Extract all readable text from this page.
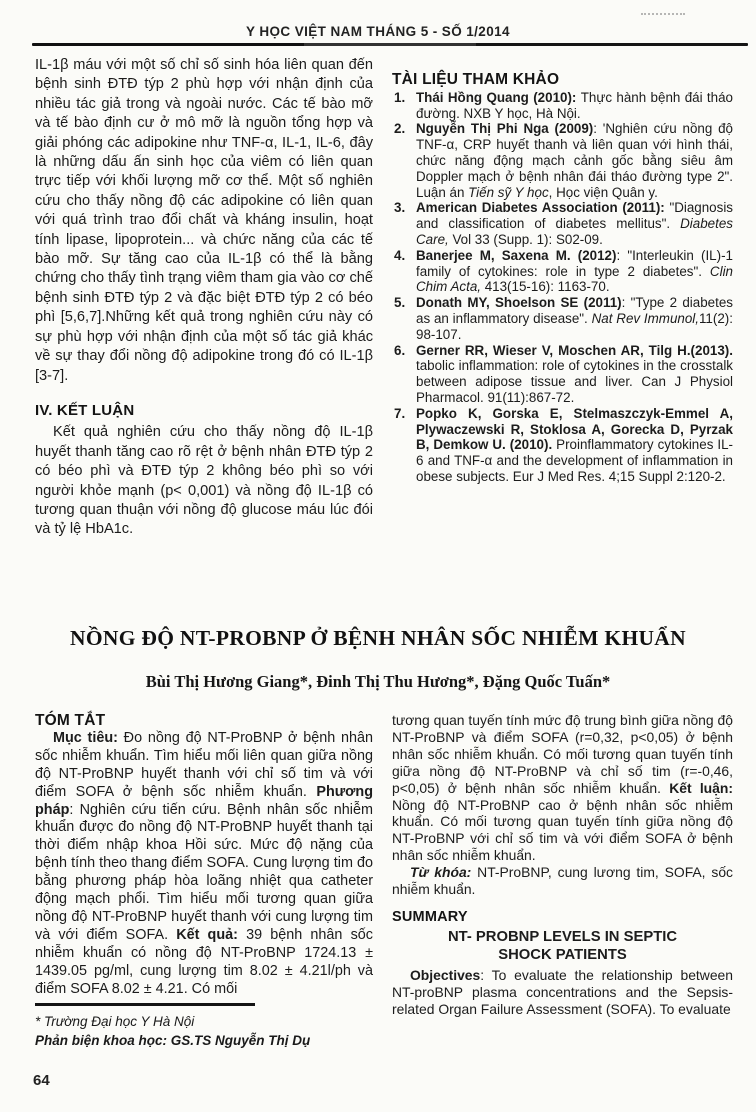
Y HỌC VIỆT NAM THÁNG 5 - SỐ 1/2014

IL-1β máu với một số chỉ số sinh hóa liên quan đến bệnh sinh ĐTĐ týp 2 phù hợp với nhận định của nhiều tác giả trong và ngoài nước. Các tế bào mỡ và tế bào định cư ở mô mỡ là nguồn tổng hợp và giải phóng các adipokine như TNF-α, IL-1, IL-6, đây là những dấu ấn sinh học của viêm có liên quan trực tiếp với khối lượng mỡ cơ thể. Một số nghiên cứu cho thấy nồng độ các adipokine có liên quan với quá trình trao đổi chất và kháng insulin, hoạt tính lipase, lipoprotein... và chức năng của các tế bào mỡ. Sự tăng cao của IL-1β có thể là bằng chứng cho thấy tình trạng viêm tham gia vào cơ chế bệnh sinh ĐTĐ týp 2 và đặc biệt ĐTĐ týp 2 có béo phì [5,6,7].Những kết quả trong nghiên cứu này có sự phù hợp với nhận định của một số tác giả khác về sự thay đổi nồng độ adipokine trong đó có IL-1β [3-7].

IV. KẾT LUẬN

Kết quả nghiên cứu cho thấy nồng độ IL-1β huyết thanh tăng cao rõ rệt ở bệnh nhân ĐTĐ týp 2 có béo phì và ĐTĐ týp 2 không béo phì so với người khỏe mạnh (p< 0,001) và nồng độ IL-1β có tương quan thuận với nồng độ glucose máu lúc đói và tỷ lệ HbA1c.

TÀI LIỆU THAM KHẢO
1. Thái Hồng Quang (2010): Thực hành bệnh đái tháo đường. NXB Y học, Hà Nội.
2. Nguyễn Thị Phi Nga (2009): 'Nghiên cứu nồng độ TNF-α, CRP huyết thanh và liên quan với hình thái, chức năng động mạch cảnh gốc bằng siêu âm Doppler mạch ở bệnh nhân đái tháo đường type 2". Luận án Tiến sỹ Y học, Học viện Quân y.
3. American Diabetes Association (2011): "Diagnosis and classification of diabetes mellitus". Diabetes Care, Vol 33 (Supp. 1): S02-09.
4. Banerjee M, Saxena M. (2012): "Interleukin (IL)-1 family of cytokines: role in type 2 diabetes". Clin Chim Acta, 413(15-16): 1163-70.
5. Donath MY, Shoelson SE (2011): "Type 2 diabetes as an inflammatory disease". Nat Rev Immunol,11(2): 98-107.
6. Gerner RR, Wieser V, Moschen AR, Tilg H.(2013). tabolic inflammation: role of cytokines in the crosstalk between adipose tissue and liver. Can J Physiol Pharmacol. 91(11):867-72.
7. Popko K, Gorska E, Stelmaszczyk-Emmel A, Plywaczewski R, Stoklosa A, Gorecka D, Pyrzak B, Demkow U. (2010). Proinflammatory cytokines IL-6 and TNF-α and the development of inflammation in obese subjects. Eur J Med Res. 4;15 Suppl 2:120-2.
NỒNG ĐỘ NT-PROBNP Ở BỆNH NHÂN SỐC NHIỄM KHUẨN
Bùi Thị Hương Giang*, Đinh Thị Thu Hương*, Đặng Quốc Tuấn*
TÓM TẮT

Mục tiêu: Đo nồng độ NT-ProBNP ở bệnh nhân sốc nhiễm khuẩn. Tìm hiểu mối liên quan giữa nồng độ NT-ProBNP huyết thanh với chỉ số tim và với điểm SOFA ở bệnh sốc nhiễm khuẩn. Phương pháp: Nghiên cứu tiến cứu. Bệnh nhân sốc nhiễm khuẩn được đo nồng độ NT-ProBNP huyết thanh tại thời điểm nhập khoa Hồi sức. Mức độ nặng của bệnh tính theo thang điểm SOFA. Cung lượng tim đo bằng phương pháp hòa loãng nhiệt qua catheter động mạch phổi. Tìm hiểu mối tương quan giữa nồng độ NT-ProBNP huyết thanh với cung lượng tim và với điểm SOFA. Kết quả: 39 bệnh nhân sốc nhiễm khuẩn có nồng độ NT-ProBNP 1724.13 ± 1439.05 pg/ml, cung lượng tim 8.02 ± 4.21l/ph và điểm SOFA 8.02 ± 4.21. Có mối

tương quan tuyến tính mức độ trung bình giữa nồng độ NT-ProBNP và điểm SOFA (r=0,32, p<0,05) ở bệnh nhân sốc nhiễm khuẩn. Có mối tương quan tuyến tính giữa nồng độ NT-ProBNP và chỉ số tim (r=-0,46, p<0,05) ở bệnh nhân sốc nhiễm khuẩn. Kết luận: Nồng độ NT-ProBNP cao ở bệnh nhân sốc nhiễm khuẩn. Có mối tương quan tuyến tính giữa nồng độ NT-ProBNP với chỉ số tim và với điểm SOFA ở bệnh nhân sốc nhiễm khuẩn.

Từ khóa: NT-ProBNP, cung lương tim, SOFA, sốc nhiễm khuẩn.

SUMMARY
NT- PROBNP LEVELS IN SEPTIC
SHOCK PATIENTS

Objectives: To evaluate the relationship between NT-proBNP plasma concentrations and the Sepsis-related Organ Failure Assessment (SOFA). To evaluate

* Trường Đại học Y Hà Nội
Phản biện khoa học: GS.TS Nguyễn Thị Dụ
64
